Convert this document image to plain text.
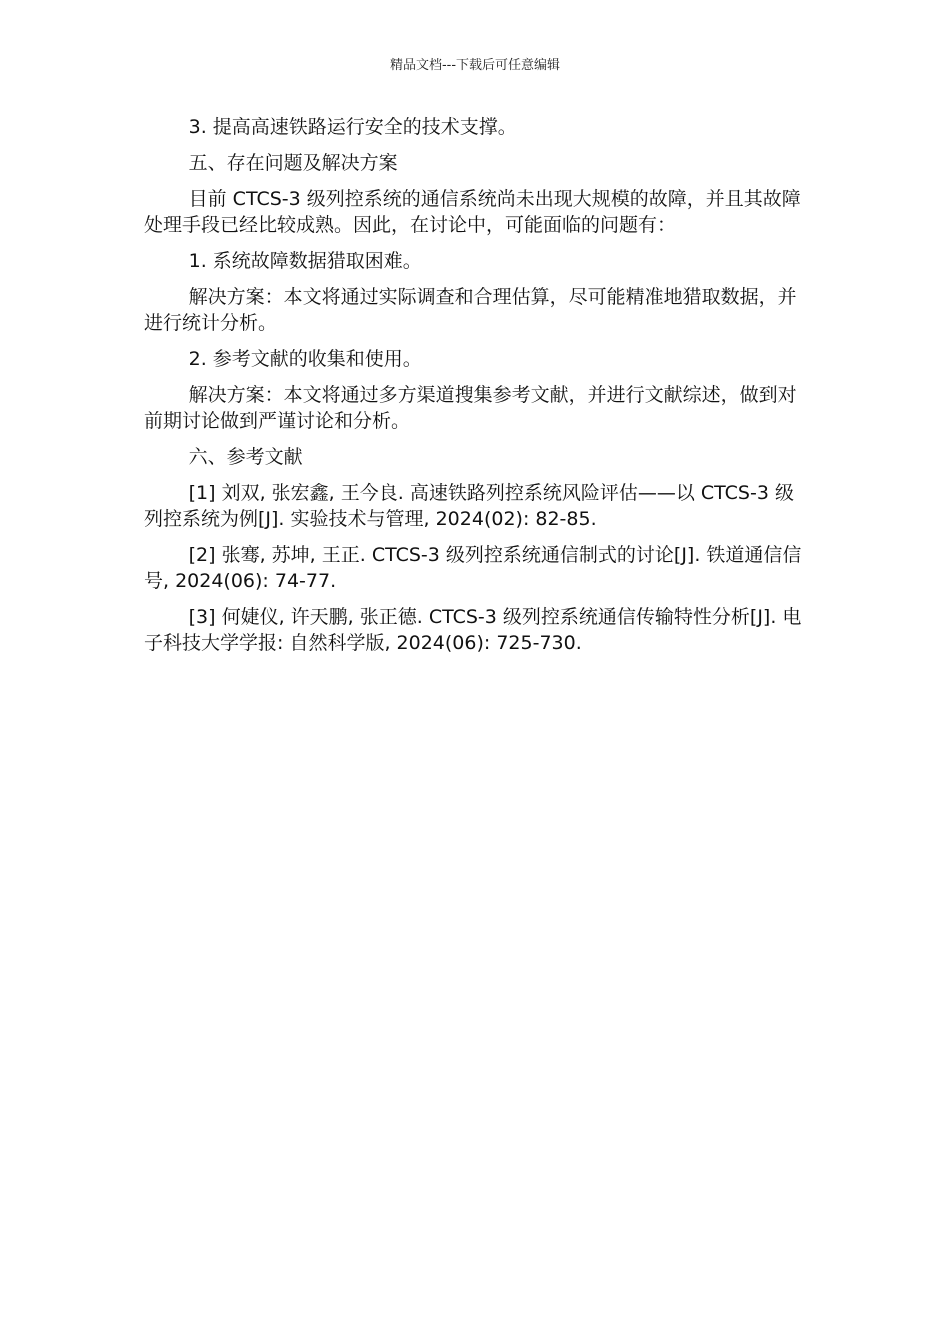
精品文档---下载后可任意编辑

3. 提高高速铁路运行安全的技术支撑。

五、存在问题及解决方案

目前 CTCS-3 级列控系统的通信系统尚未出现大规模的故障，并且其故障处理手段已经比较成熟。因此，在讨论中，可能面临的问题有：

1. 系统故障数据猎取困难。

解决方案：本文将通过实际调查和合理估算，尽可能精准地猎取数据，并进行统计分析。

2. 参考文献的收集和使用。

解决方案：本文将通过多方渠道搜集参考文献，并进行文献综述，做到对前期讨论做到严谨讨论和分析。

六、参考文献

[1] 刘双, 张宏鑫, 王今良. 高速铁路列控系统风险评估——以 CTCS-3 级列控系统为例[J]. 实验技术与管理, 2024(02): 82-85.

[2] 张骞, 苏坤, 王正. CTCS-3 级列控系统通信制式的讨论[J]. 铁道通信信号, 2024(06): 74-77.

[3] 何婕仪, 许天鹏, 张正德. CTCS-3 级列控系统通信传输特性分析[J]. 电子科技大学学报: 自然科学版, 2024(06): 725-730.
